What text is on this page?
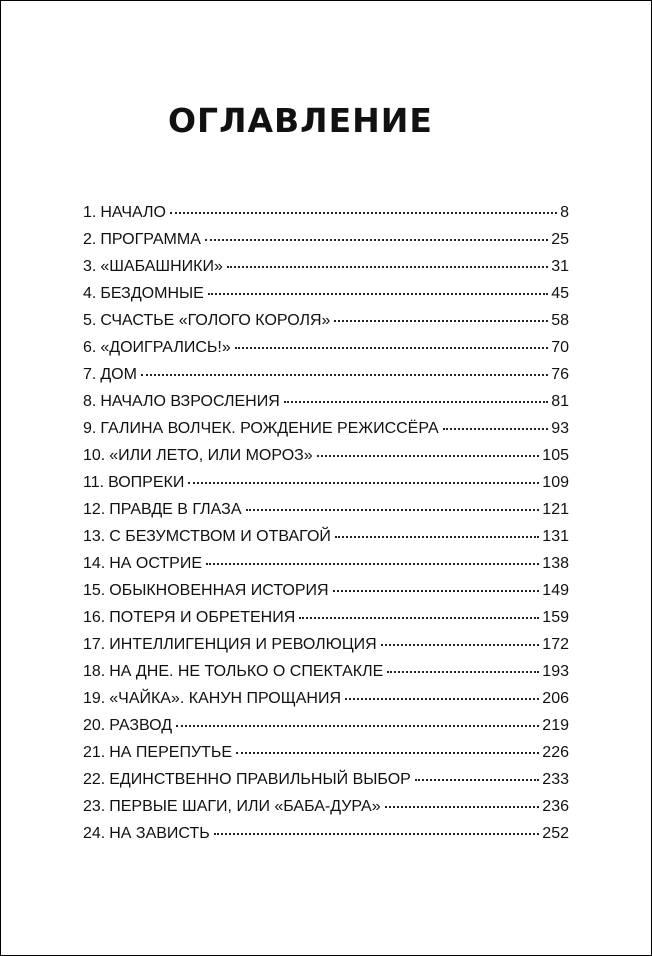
ОГЛАВЛЕНИЕ
1. НАЧАЛО	8
2. ПРОГРАММА	25
3. «ШАБАШНИКИ»	31
4. БЕЗДОМНЫЕ	45
5. СЧАСТЬЕ «ГОЛОГО КОРОЛЯ»	58
6. «ДОИГРАЛИСЬ!»	70
7. ДОМ	76
8. НАЧАЛО ВЗРОСЛЕНИЯ	81
9. ГАЛИНА ВОЛЧЕК. РОЖДЕНИЕ РЕЖИССЁРА	93
10. «ИЛИ ЛЕТО, ИЛИ МОРОЗ»	105
11. ВОПРЕКИ	109
12. ПРАВДЕ В ГЛАЗА	121
13. С БЕЗУМСТВОМ И ОТВАГОЙ	131
14. НА ОСТРИЕ	138
15. ОБЫКНОВЕННАЯ ИСТОРИЯ	149
16. ПОТЕРЯ И ОБРЕТЕНИЯ	159
17. ИНТЕЛЛИГЕНЦИЯ И РЕВОЛЮЦИЯ	172
18. НА ДНЕ. НЕ ТОЛЬКО О СПЕКТАКЛЕ	193
19. «ЧАЙКА». КАНУН ПРОЩАНИЯ	206
20. РАЗВОД	219
21. НА ПЕРЕПУТЬЕ	226
22. ЕДИНСТВЕННО ПРАВИЛЬНЫЙ ВЫБОР	233
23. ПЕРВЫЕ ШАГИ, ИЛИ «БАБА-ДУРА»	236
24. НА ЗАВИСТЬ	252
